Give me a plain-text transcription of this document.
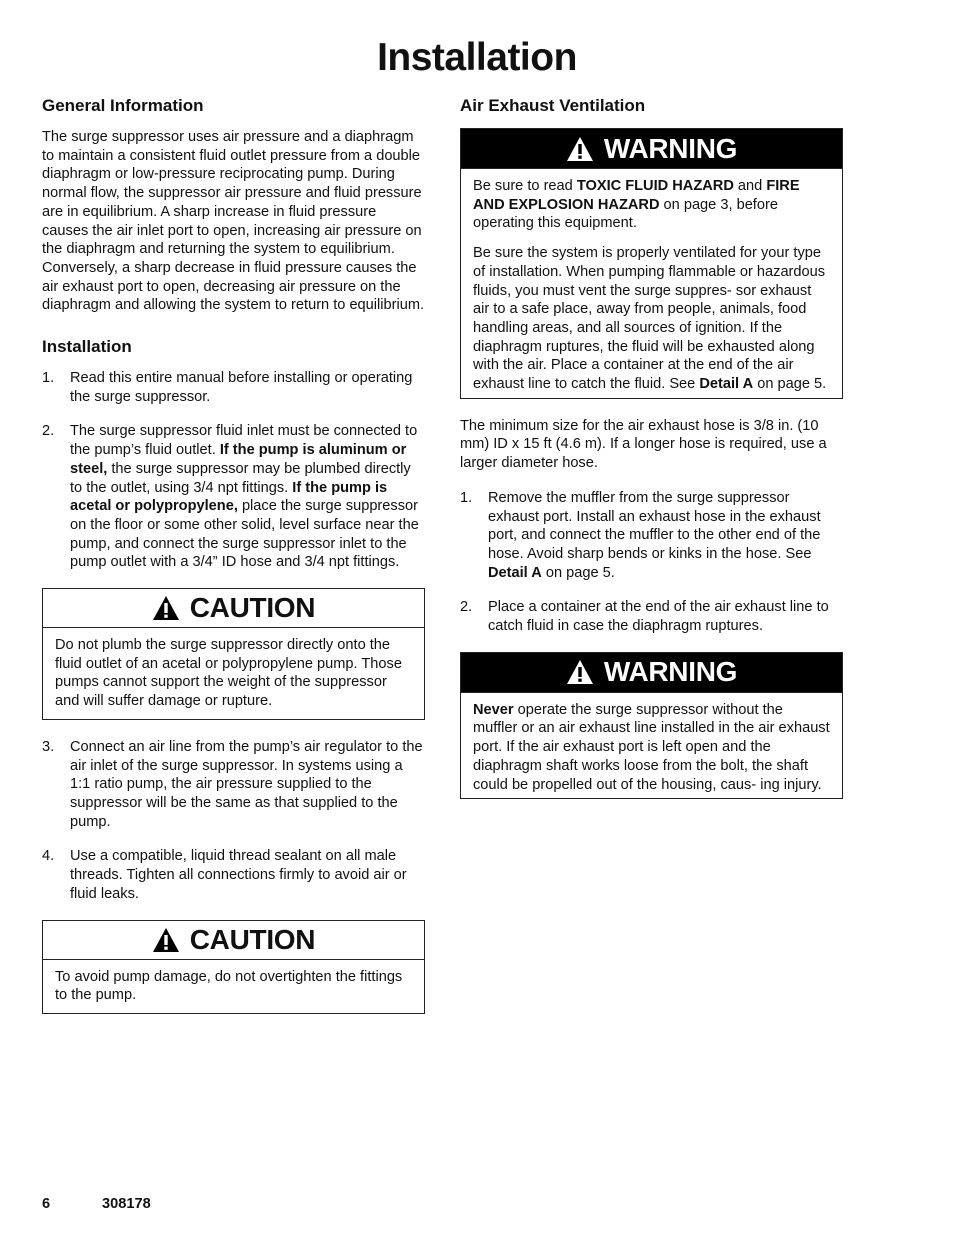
Installation
General Information

The surge suppressor uses air pressure and a diaphragm to maintain a consistent fluid outlet pressure from a double diaphragm or low-pressure reciprocating pump. During normal flow, the suppressor air pressure and fluid pressure are in equilibrium. A sharp increase in fluid pressure causes the air inlet port to open, increasing air pressure on the diaphragm and returning the system to equilibrium. Conversely, a sharp decrease in fluid pressure causes the air exhaust port to open, decreasing air pressure on the diaphragm and allowing the system to return to equilibrium.

Installation
1. Read this entire manual before installing or operating the surge suppressor.
2. The surge suppressor fluid inlet must be connected to the pump’s fluid outlet. If the pump is aluminum or steel, the surge suppressor may be plumbed directly to the outlet, using 3/4 npt fittings. If the pump is acetal or polypropylene, place the surge suppressor on the floor or some other solid, level surface near the pump, and connect the surge suppressor inlet to the pump outlet with a 3/4” ID hose and 3/4 npt fittings.
CAUTION

Do not plumb the surge suppressor directly onto the fluid outlet of an acetal or polypropylene pump. Those pumps cannot support the weight of the suppressor and will suffer damage or rupture.

3. Connect an air line from the pump’s air regulator to the air inlet of the surge suppressor. In systems using a 1:1 ratio pump, the air pressure supplied to the suppressor will be the same as that supplied to the pump.
4. Use a compatible, liquid thread sealant on all male threads. Tighten all connections firmly to avoid air or fluid leaks.
CAUTION

To avoid pump damage, do not overtighten the fittings to the pump.

Air Exhaust Ventilation
WARNING

Be sure to read TOXIC FLUID HAZARD and FIRE AND EXPLOSION HAZARD on page 3, before operating this equipment.

Be sure the system is properly ventilated for your type of installation. When pumping flammable or hazardous fluids, you must vent the surge suppres- sor exhaust air to a safe place, away from people, animals, food handling areas, and all sources of ignition. If the diaphragm ruptures, the fluid will be exhausted along with the air. Place a container at the end of the air exhaust line to catch the fluid. See Detail A on page 5.

The minimum size for the air exhaust hose is 3/8 in. (10 mm) ID x 15 ft (4.6 m). If a longer hose is required, use a larger diameter hose.

1. Remove the muffler from the surge suppressor exhaust port. Install an exhaust hose in the exhaust port, and connect the muffler to the other end of the hose. Avoid sharp bends or kinks in the hose. See Detail A on page 5.
2. Place a container at the end of the air exhaust line to catch fluid in case the diaphragm ruptures.
WARNING

Never operate the surge suppressor without the muffler or an air exhaust line installed in the air exhaust port. If the air exhaust port is left open and the diaphragm shaft works loose from the bolt, the shaft could be propelled out of the housing, caus- ing injury.

6	308178
